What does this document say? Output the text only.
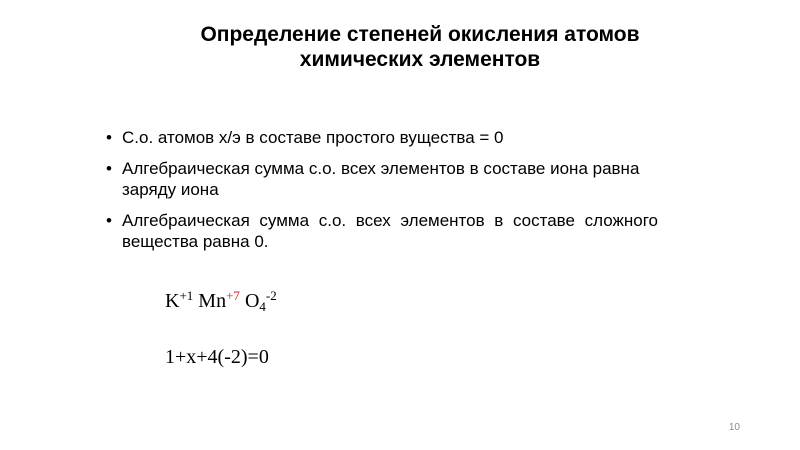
Определение степеней окисления атомов
химических элементов
• С.о. атомов х/э в составе простого вущества = 0
• Алгебраическая сумма с.о. всех элементов в составе иона равна заряду иона
• Алгебраическая сумма с.о. всех элементов в составе сложного вещества равна 0.
$K^{+1}$ $Mn^{+7}$ $O_4^{-2}$
1+x+4(-2)=0
10
